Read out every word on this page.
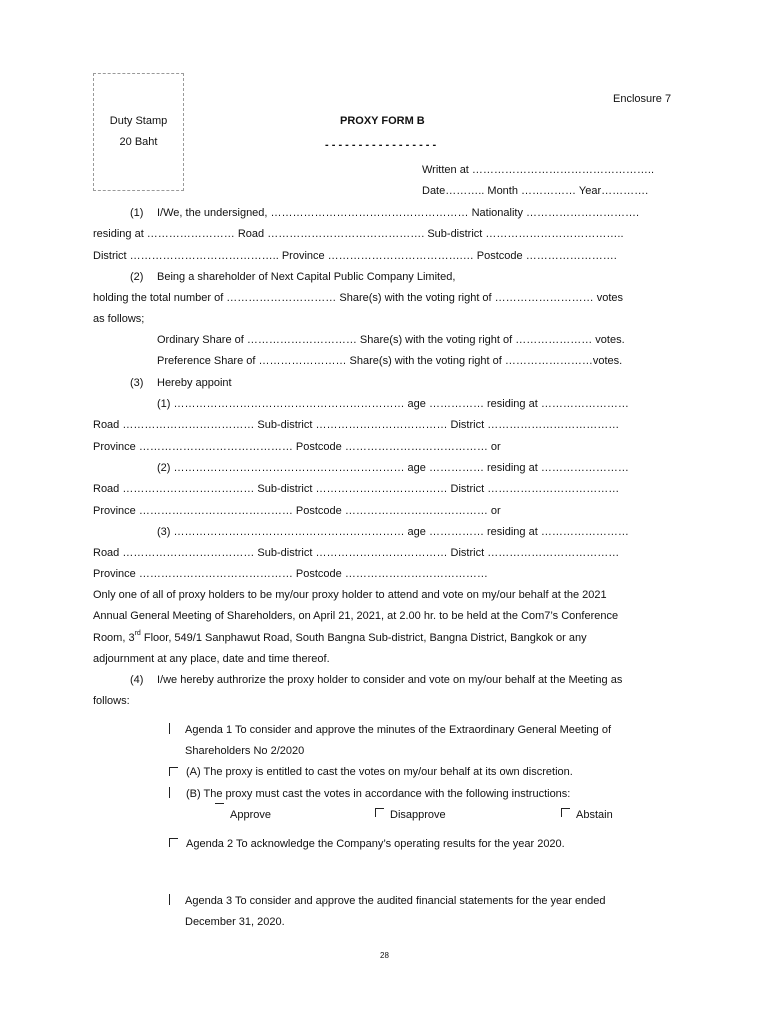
Duty Stamp
20 Baht
Enclosure 7
PROXY FORM B
- - - - - - - - - - - - - - - - -
Written at …………………………………………..
Date……….. Month …………… Year………….
(1) I/We, the undersigned, ……………………………………………… Nationality ………………………….
residing at …………………… Road ……………………………………. Sub-district ………………………………..
District ………………………………….. Province ……………………………….… Postcode …………………….
(2) Being a shareholder of Next Capital Public Company Limited,
holding the total number of ………………………… Share(s) with the voting right of ……………………… votes
as follows;
Ordinary Share of ………………………… Share(s) with the voting right of ………………… votes.
Preference Share of …………………… Share(s) with the voting right of ……………………votes.
(3) Hereby appoint
(1) ……………………………………………………… age …………… residing at ……………………
Road ……………………………… Sub-district ……………………………… District ………………………………
Province …………………………………… Postcode ………………………………… or
(2) ……………………………………………………… age …………… residing at ……………………
Road ……………………………… Sub-district ……………………………… District ………………………………
Province …………………………………… Postcode ………………………………… or
(3) ……………………………………………………… age …………… residing at ……………………
Road ……………………………… Sub-district ……………………………… District ………………………………
Province …………………………………… Postcode …………………………………
Only one of all of proxy holders to be my/our proxy holder to attend and vote on my/our behalf at the 2021
Annual General Meeting of Shareholders, on April 21, 2021, at 2.00 hr. to be held at the Com7’s Conference
Room, 3rd Floor, 549/1 Sanphawut Road, South Bangna Sub-district, Bangna District, Bangkok or any
adjournment at any place, date and time thereof.
(4) I/we hereby authrorize the proxy holder to consider and vote on my/our behalf at the Meeting as
follows:
Agenda 1 To consider and approve the minutes of the Extraordinary General Meeting of
Shareholders No 2/2020
(A) The proxy is entitled to cast the votes on my/our behalf at its own discretion.
(B) The proxy must cast the votes in accordance with the following instructions:
Approve	Disapprove	Abstain
Agenda 2 To acknowledge the Company’s operating results for the year 2020.
Agenda 3 To consider and approve the audited financial statements for the year ended
December 31, 2020.
28
